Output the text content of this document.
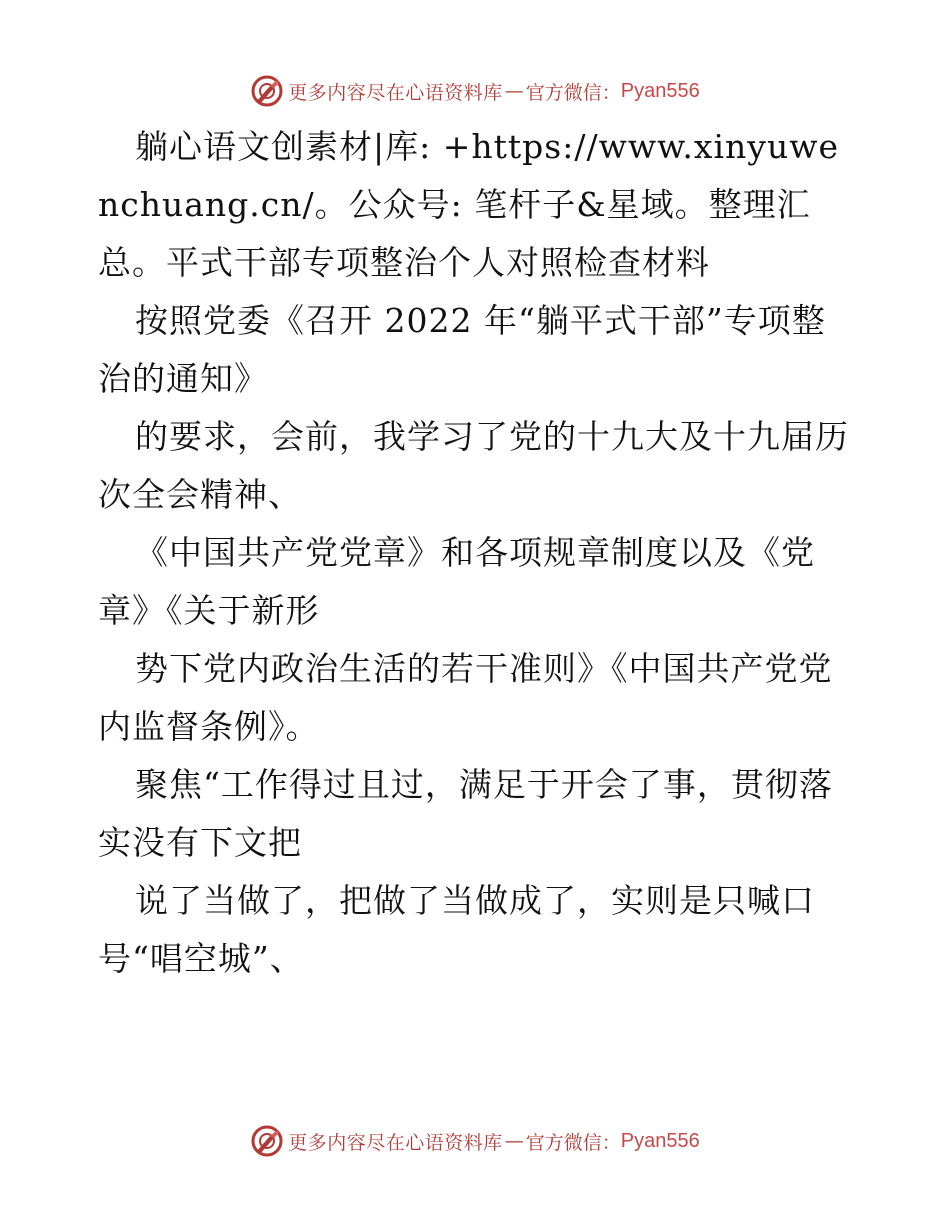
更多内容尽在心语资料库 — 官方微信： Pyan556

躺心语文创素材|库: +https://www.xinyuwenchuang.cn/。公众号: 笔杆子&星域。整理汇总。平式干部专项整治个人对照检查材料

按照党委《召开 2022 年“躺平式干部”专项整治的通知》

的要求，会前，我学习了党的十九大及十九届历次全会精神、

《中国共产党党章》和各项规章制度以及《党章》《关于新形

势下党内政治生活的若干准则》《中国共产党党内监督条例》。

聚焦“工作得过且过，满足于开会了事，贯彻落实没有下文把

说了当做了，把做了当做成了，实则是只喊口号“唱空城”、

更多内容尽在心语资料库 — 官方微信： Pyan556
